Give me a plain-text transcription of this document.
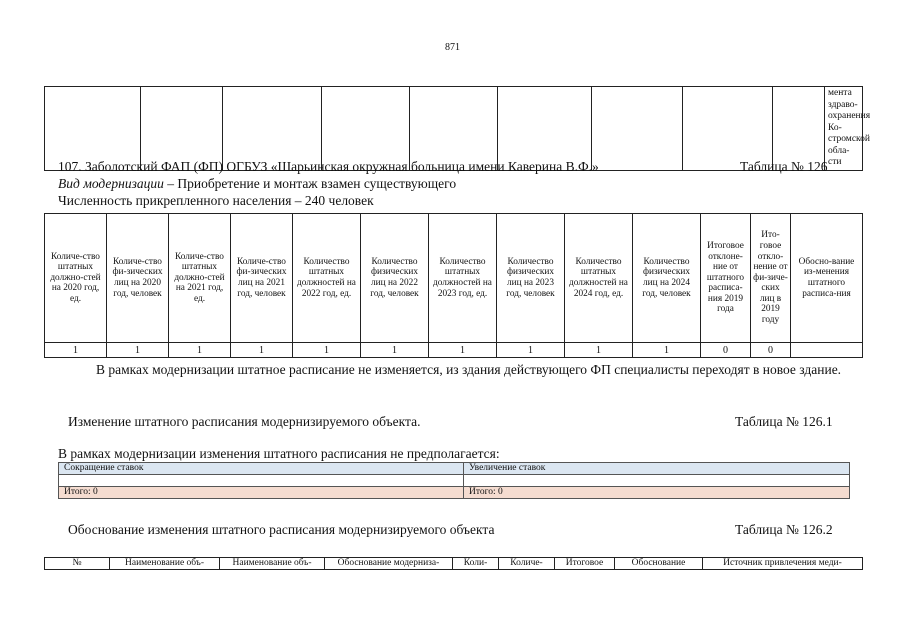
871
									мента здраво-охранения Ко-стромской обла-сти
107. Заболотский ФАП (ФП) ОГБУЗ «Шарьинская окружная больница имени Каверина В.Ф.»	Таблица № 126
Вид модернизации – Приобретение и монтаж взамен существующего
Численность прикрепленного населения – 240 человек
Количе-ство штатных должно-стей на 2020 год, ед.	Количе-ство фи-зических лиц на 2020 год, человек	Количе-ство штатных должно-стей на 2021 год, ед.	Количе-ство фи-зических лиц на 2021 год, человек	Количество штатных должностей на 2022 год, ед.	Количество физических лиц на 2022 год, человек	Количество штатных должностей на 2023 год, ед.	Количество физических лиц на 2023 год, человек	Количество штатных должностей на 2024 год, ед.	Количество физических лиц на 2024 год, человек	Итоговое отклоне-ние от штатного расписа-ния 2019 года	Ито-говое откло-нение от фи-зиче-ских лиц в 2019 году	Обосно-вание из-менения штатного расписа-ния
1	1	1	1	1	1	1	1	1	1	0	0	
В рамках модернизации штатное расписание не изменяется, из здания действующего ФП специалисты переходят в новое здание.
Изменение штатного расписания модернизируемого объекта.	Таблица № 126.1
В рамках модернизации изменения штатного расписания не предполагается:
Сокращение ставок	Увеличение ставок

Итого: 0	Итого: 0
Обоснование изменения штатного расписания модернизируемого объекта	Таблица № 126.2
№	Наименование объ-	Наименование объ-	Обоснование модерниза-	Коли-	Количе-	Итоговое	Обоснование	Источник привлечения меди-
